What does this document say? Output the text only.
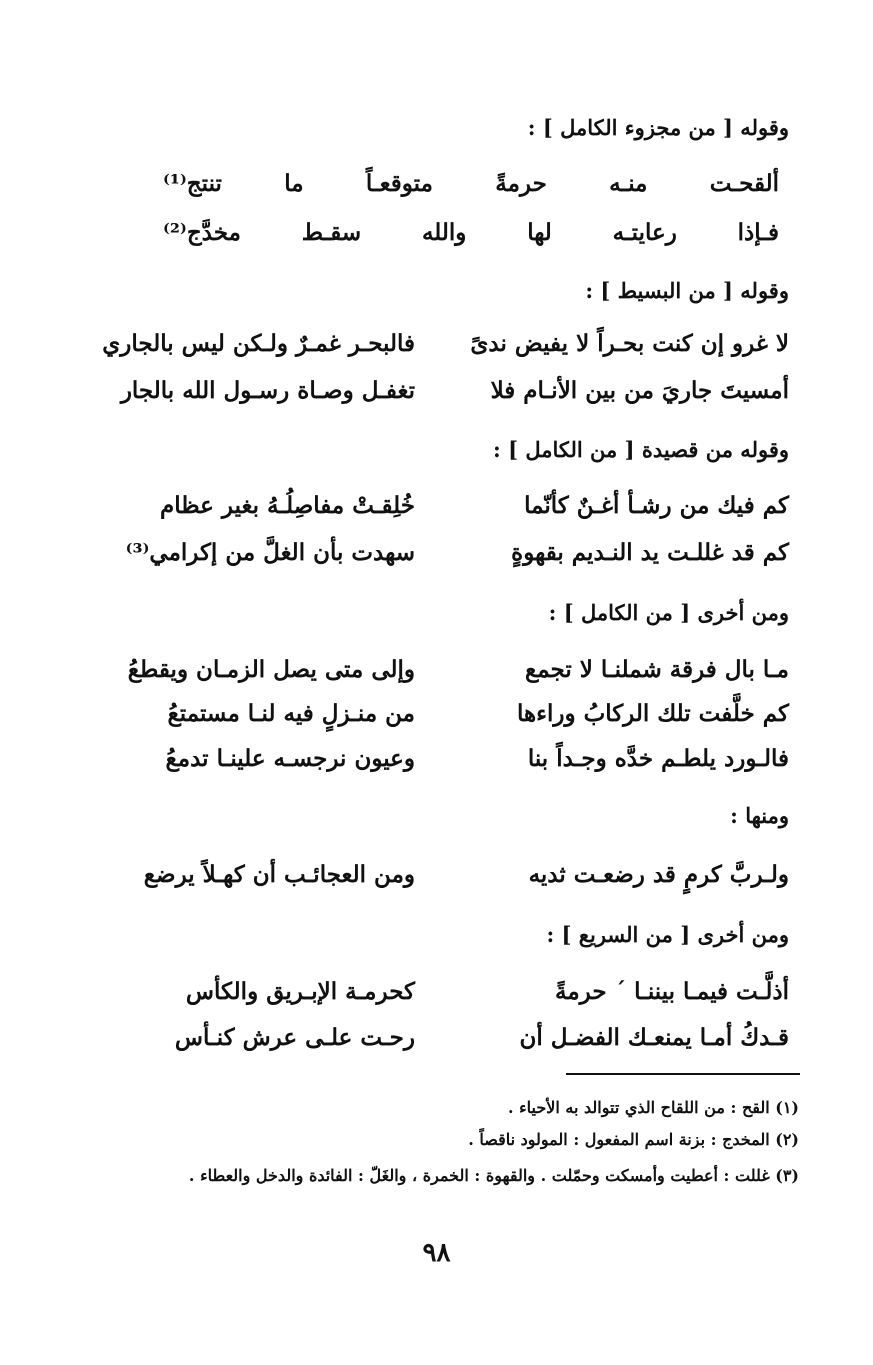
وقوله [ من مجزوء الكامل ] :
ألقحـت
منـه
حرمةً
متوقعـاً
ما
تنتج⁽¹⁾
فـإذا
رعايتـه
لها
والله
سقـط
مخدَّج⁽²⁾
وقوله [ من البسيط ] :
لا غرو إن كنت بحـراً لا يفيض ندىً
فالبحـر غمـرٌ ولـكن ليس بالجاري
أمسيتَ جاريَ من بين الأنـام فلا
تغفـل وصـاة رسـول الله بالجار
وقوله من قصيدة [ من الكامل ] :
كم فيك من رشـأ أغـنٌ كأنّما
خُلِقـتْ مفاصِلُـهُ بغير عظام
كم قد غللـت يد النـديم بقهوةٍ
سهدت بأن الغلَّ من إكرامي⁽³⁾
ومن أخرى [ من الكامل ] :
مـا بال فرقة شملنـا لا تجمع
وإلى متى يصل الزمـان ويقطعُ
كم خلَّفت تلك الركابُ وراءها
من منـزلٍ فيه لنـا مستمتعُ
فالـورد يلطـم خدَّه وجـداً بنا
وعيون نرجسـه علينـا تدمعُ
ومنها :
ولـربَّ كرمٍ قد رضعـت ثديه
ومن العجائـب أن كهـلاً يرضع
ومن أخرى [ من السريع ] :
أذلَّـت فيمـا بيننـا ´ حرمةً
كحرمـة الإبـريق والكأس
قـدكُ أمـا يمنعـك الفضـل أن
رحـت علـى عرش كنـأس
(١) القح : من اللقاح الذي تتوالد به الأحياء .
(٢) المخدج : بزنة اسم المفعول : المولود ناقصاً .
(٣) غللت : أعطيت وأمسكت وحمّلت . والقهوة : الخمرة ، والغَلّ : الفائدة والدخل والعطاء .
٩٨
